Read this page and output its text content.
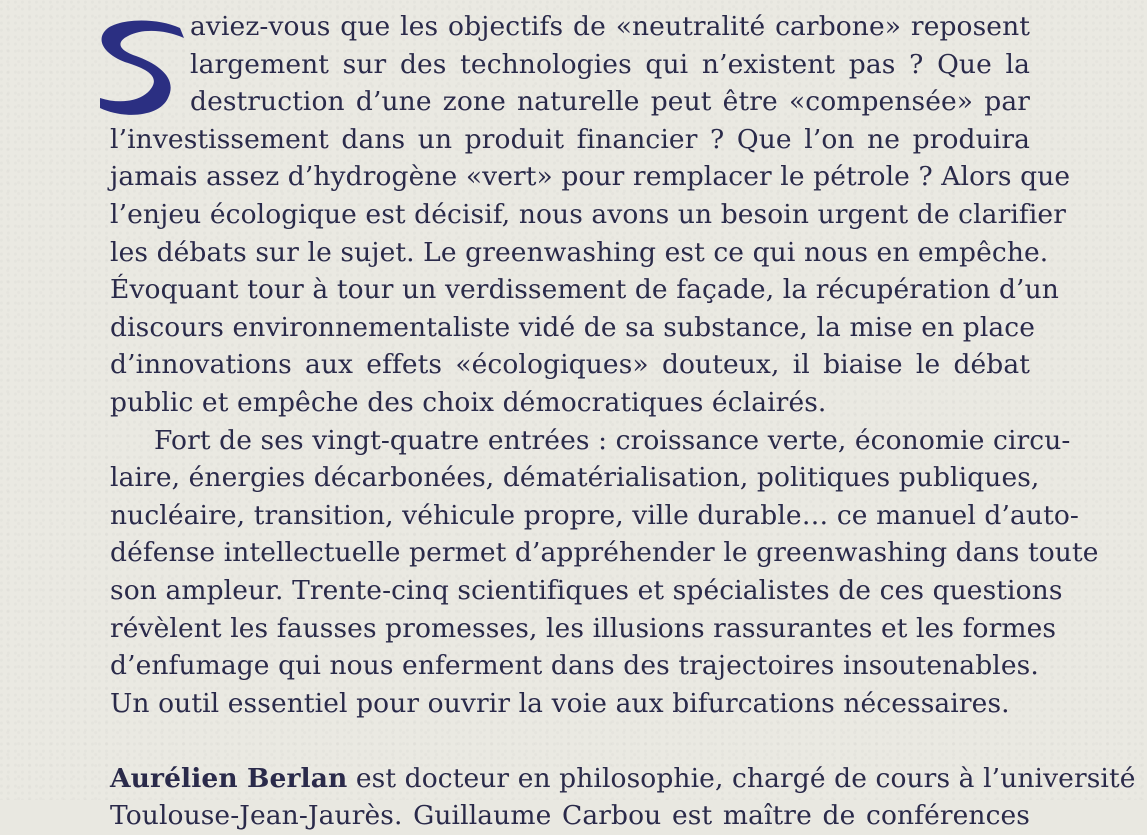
aviez-vous que les objectifs de «neutralité carbone» reposent
largement sur des technologies qui n’existent pas ? Que la
destruction d’une zone naturelle peut être «compensée» par
l’investissement dans un produit financier ? Que l’on ne produira
jamais assez d’hydrogène «vert» pour remplacer le pétrole ? Alors que
l’enjeu écologique est décisif, nous avons un besoin urgent de clarifier
les débats sur le sujet. Le greenwashing est ce qui nous en empêche.
Évoquant tour à tour un verdissement de façade, la récupération d’un
discours environnementaliste vidé de sa substance, la mise en place
d’innovations aux effets «écologiques» douteux, il biaise le débat
public et empêche des choix démocratiques éclairés.
Fort de ses vingt-quatre entrées : croissance verte, économie circu-
laire, énergies décarbonées, dématérialisation, politiques publiques,
nucléaire, transition, véhicule propre, ville durable… ce manuel d’auto-
défense intellectuelle permet d’appréhender le greenwashing dans toute
son ampleur. Trente-cinq scientifiques et spécialistes de ces questions
révèlent les fausses promesses, les illusions rassurantes et les formes
d’enfumage qui nous enferment dans des trajectoires insoutenables.
Un outil essentiel pour ouvrir la voie aux bifurcations nécessaires.
Aurélien Berlan est docteur en philosophie, chargé de cours à l’université
Toulouse-Jean-Jaurès. Guillaume Carbou est maître de conférences
